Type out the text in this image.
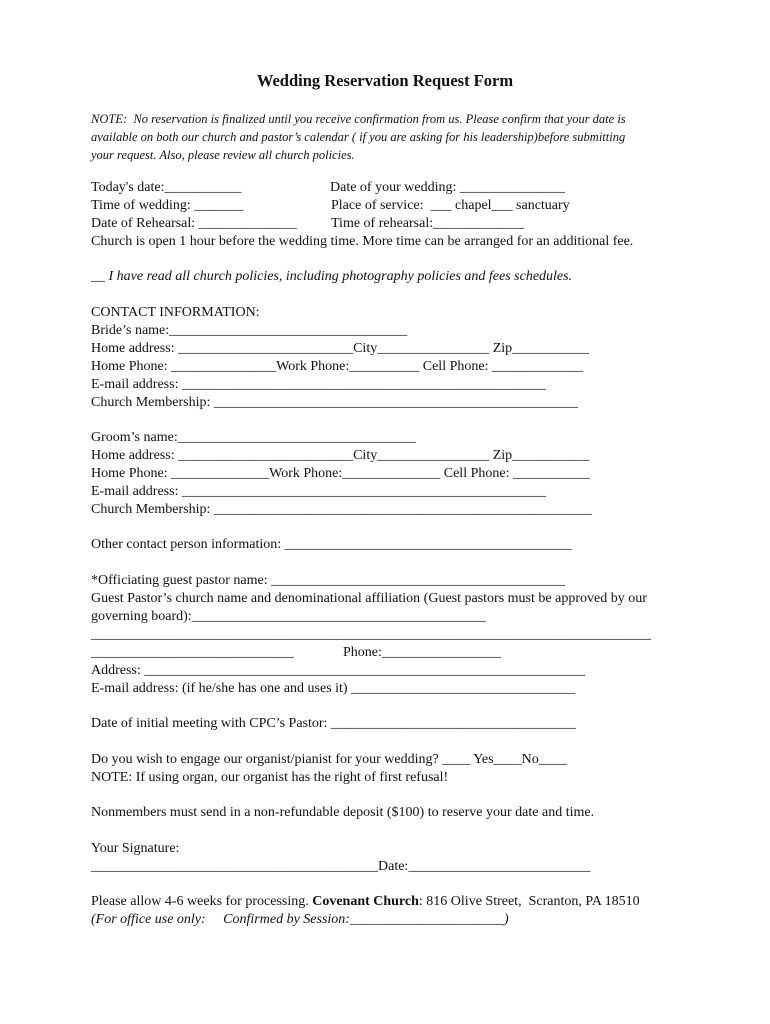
Wedding Reservation Request Form

NOTE:  No reservation is finalized until you receive confirmation from us. Please confirm that your date is

available on both our church and pastor’s calendar ( if you are asking for his leadership)before submitting

your request. Also, please review all church policies.

Today's date:___________	Date of your wedding: _______________

Time of wedding: _______	Place of service:  ___ chapel___ sanctuary

Date of Rehearsal: ______________ Time of rehearsal:_____________

Church is open 1 hour before the wedding time. More time can be arranged for an additional fee.

__ I have read all church policies, including photography policies and fees schedules.

CONTACT INFORMATION:

Bride’s name:__________________________________

Home address: _________________________City________________ Zip___________

Home Phone: _______________Work Phone:__________ Cell Phone: _____________

E-mail address: ____________________________________________________

Church Membership: ____________________________________________________

Groom’s name:__________________________________

Home address: _________________________City________________ Zip___________

Home Phone: ______________Work Phone:______________ Cell Phone: ___________

E-mail address: ____________________________________________________

Church Membership: ______________________________________________________

Other contact person information: _________________________________________

*Officiating guest pastor name: __________________________________________

Guest Pastor’s church name and denominational affiliation (Guest pastors must be approved by our

governing board):__________________________________________

________________________________________________________________________________

_____________________________	Phone:_________________

Address: _______________________________________________________________

E-mail address: (if he/she has one and uses it) ________________________________

Date of initial meeting with CPC’s Pastor: ___________________________________

Do you wish to engage our organist/pianist for your wedding? ____ Yes____No____

NOTE: If using organ, our organist has the right of first refusal!

Nonmembers must send in a non-refundable deposit ($100) to reserve your date and time.

Your Signature:

_________________________________________Date:__________________________

Please allow 4-6 weeks for processing. Covenant Church: 816 Olive Street,  Scranton, PA 18510

(For office use only:     Confirmed by Session:______________________)
